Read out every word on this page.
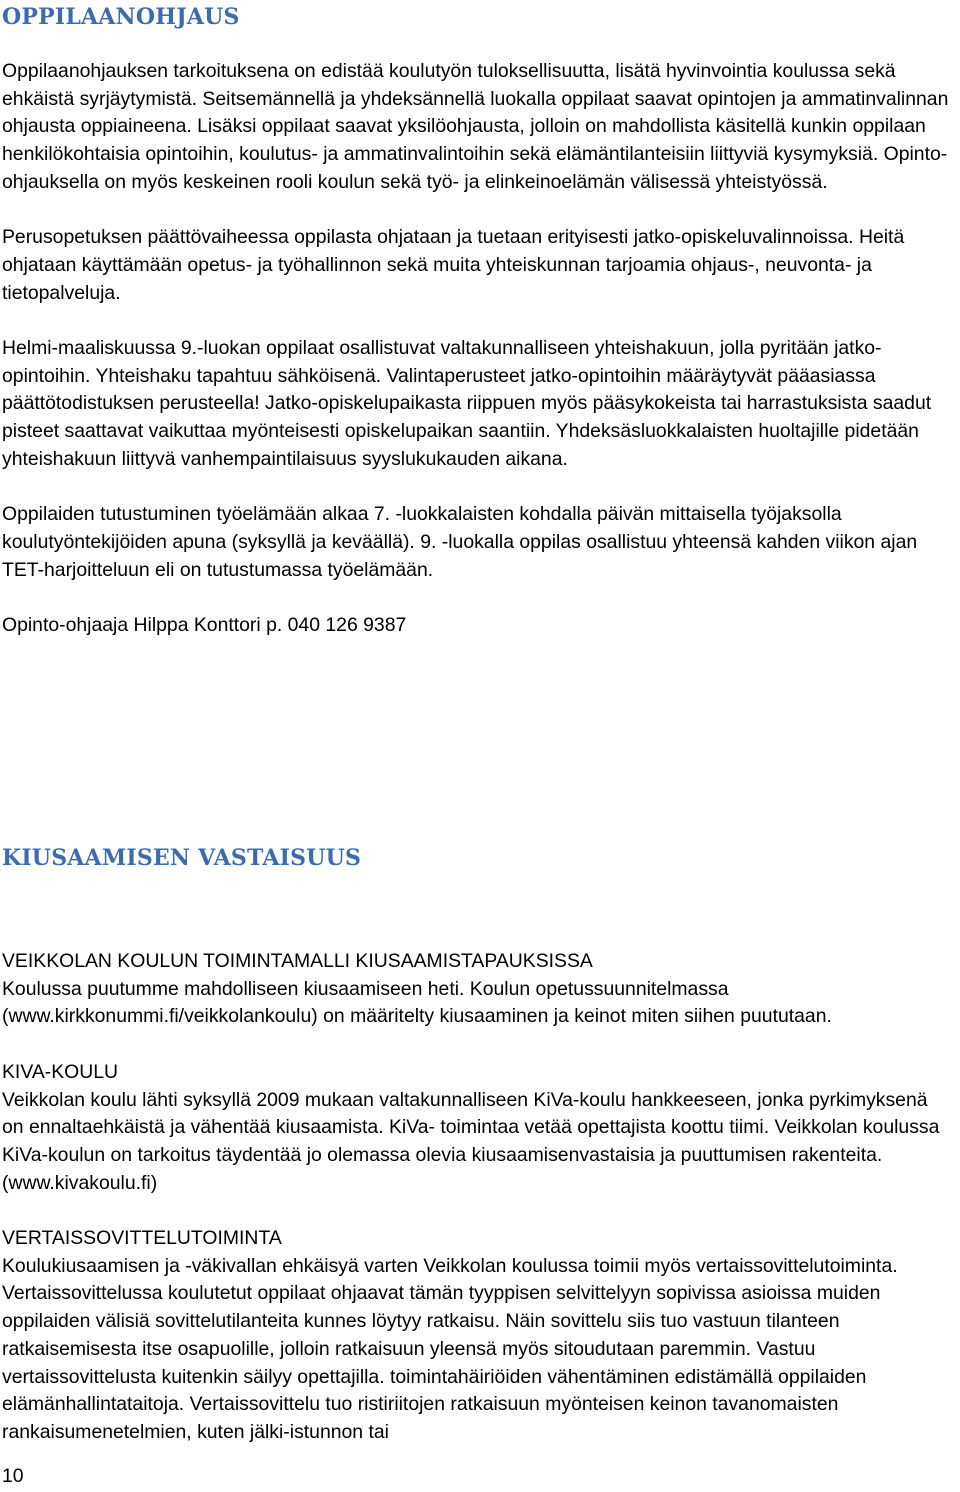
OPPILAANOHJAUS

Oppilaanohjauksen tarkoituksena on edistää koulutyön tuloksellisuutta, lisätä hyvinvointia koulussa sekä ehkäistä syrjäytymistä. Seitsemännellä ja yhdeksännellä luokalla oppilaat saavat opintojen ja ammatinvalinnan ohjausta oppiaineena. Lisäksi oppilaat saavat yksilöohjausta, jolloin on mahdollista käsitellä kunkin oppilaan henkilökohtaisia opintoihin, koulutus- ja ammatinvalintoihin sekä elämäntilanteisiin liittyviä kysymyksiä. Opinto-ohjauksella on myös keskeinen rooli koulun sekä työ- ja elinkeinoelämän välisessä yhteistyössä.

Perusopetuksen päättövaiheessa oppilasta ohjataan ja tuetaan erityisesti jatko-opiskeluvalinnoissa. Heitä ohjataan käyttämään opetus- ja työhallinnon sekä muita yhteiskunnan tarjoamia ohjaus-, neuvonta- ja tietopalveluja.

Helmi-maaliskuussa 9.-luokan oppilaat osallistuvat valtakunnalliseen yhteishakuun, jolla pyritään jatko-opintoihin. Yhteishaku tapahtuu sähköisenä. Valintaperusteet jatko-opintoihin määräytyvät pääasiassa päättötodistuksen perusteella! Jatko-opiskelupaikasta riippuen myös pääsykokeista tai harrastuksista saadut pisteet saattavat vaikuttaa myönteisesti opiskelupaikan saantiin. Yhdeksäsluokkalaisten huoltajille pidetään yhteishakuun liittyvä vanhempaintilaisuus syyslukukauden aikana.

Oppilaiden tutustuminen työelämään alkaa 7. -luokkalaisten kohdalla päivän mittaisella työjaksolla koulutyöntekijöiden apuna (syksyllä ja keväällä). 9. -luokalla oppilas osallistuu yhteensä kahden viikon ajan TET-harjoitteluun eli on tutustumassa työelämään.

Opinto-ohjaaja Hilppa Konttori p. 040 126 9387

KIUSAAMISEN VASTAISUUS

VEIKKOLAN KOULUN TOIMINTAMALLI KIUSAAMISTAPAUKSISSA

Koulussa puutumme mahdolliseen kiusaamiseen heti. Koulun opetussuunnitelmassa (www.kirkkonummi.fi/veikkolankoulu) on määritelty kiusaaminen ja keinot miten siihen puututaan.

KIVA-KOULU

Veikkolan koulu lähti syksyllä 2009 mukaan valtakunnalliseen KiVa-koulu hankkeeseen, jonka pyrkimyksenä on ennaltaehkäistä ja vähentää kiusaamista. KiVa- toimintaa vetää opettajista koottu tiimi. Veikkolan koulussa KiVa-koulun on tarkoitus täydentää jo olemassa olevia kiusaamisenvastaisia ja puuttumisen rakenteita. (www.kivakoulu.fi)

VERTAISSOVITTELUTOIMINTA

Koulukiusaamisen ja -väkivallan ehkäisyä varten Veikkolan koulussa toimii myös vertaissovittelutoiminta. Vertaissovittelussa koulutetut oppilaat ohjaavat tämän tyyppisen selvittelyyn sopivissa asioissa muiden oppilaiden välisiä sovittelutilanteita kunnes löytyy ratkaisu. Näin sovittelu siis tuo vastuun tilanteen ratkaisemisesta itse osapuolille, jolloin ratkaisuun yleensä myös sitoudutaan paremmin. Vastuu vertaissovittelusta kuitenkin säilyy opettajilla. toimintahäiriöiden vähentäminen edistämällä oppilaiden elämänhallintataitoja. Vertaissovittelu tuo ristiriitojen ratkaisuun myönteisen keinon tavanomaisten rankaisumenetelmien, kuten jälki-istunnon tai

10
